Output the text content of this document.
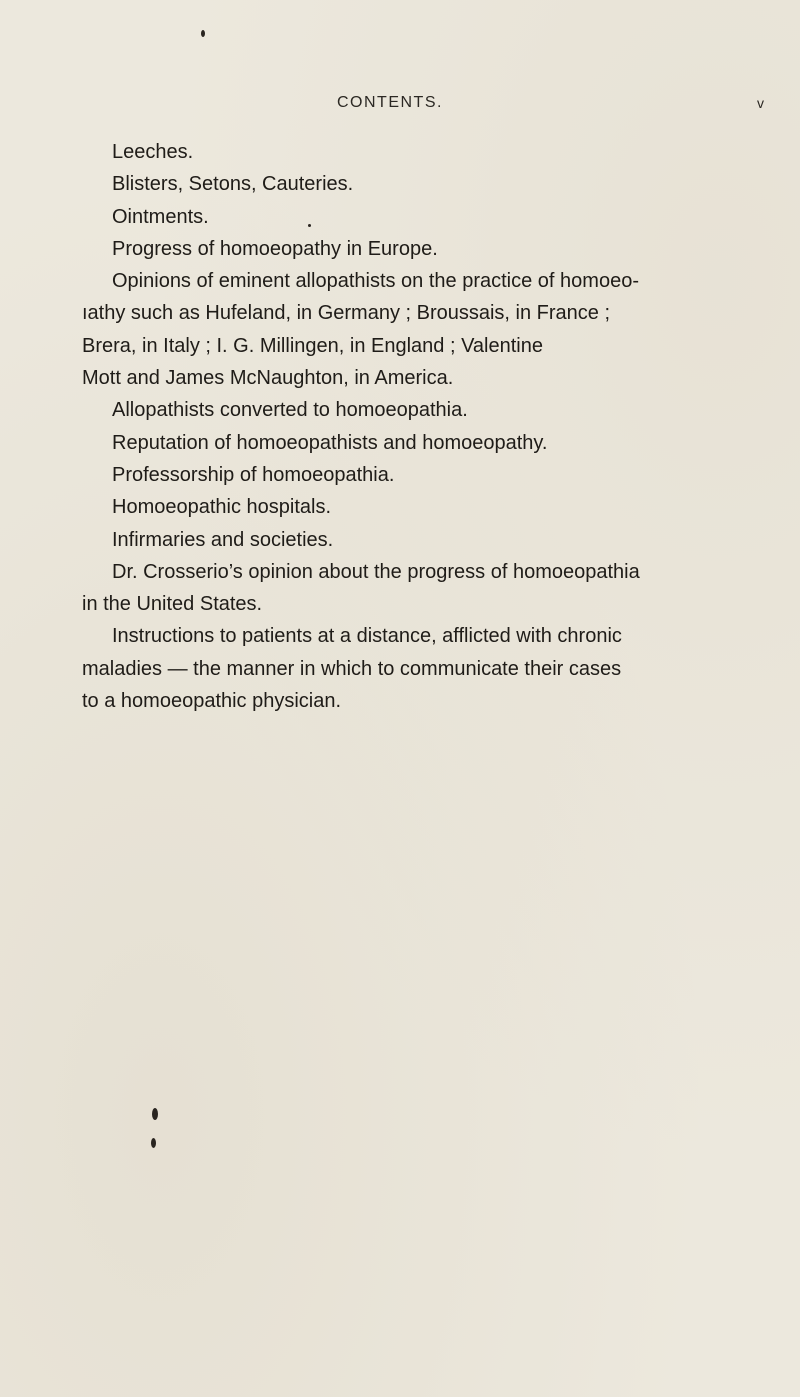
CONTENTS.	v

Leeches.

Blisters, Setons, Cauteries.

Ointments.

Progress of homoeopathy in Europe.

Opinions of eminent allopathists on the practice of homoeo-
ıathy such as Hufeland, in Germany ; Broussais, in France ;
Brera, in Italy ; I. G. Millingen, in England ; Valentine
Mott and James McNaughton, in America.

Allopathists converted to homoeopathia.

Reputation of homoeopathists and homoeopathy.

Professorship of homoeopathia.

Homoeopathic hospitals.

Infirmaries and societies.

Dr. Crosserio’s opinion about the progress of homoeopathia
in the United States.

Instructions to patients at a distance, afflicted with chronic
maladies — the manner in which to communicate their cases
to a homoeopathic physician.
